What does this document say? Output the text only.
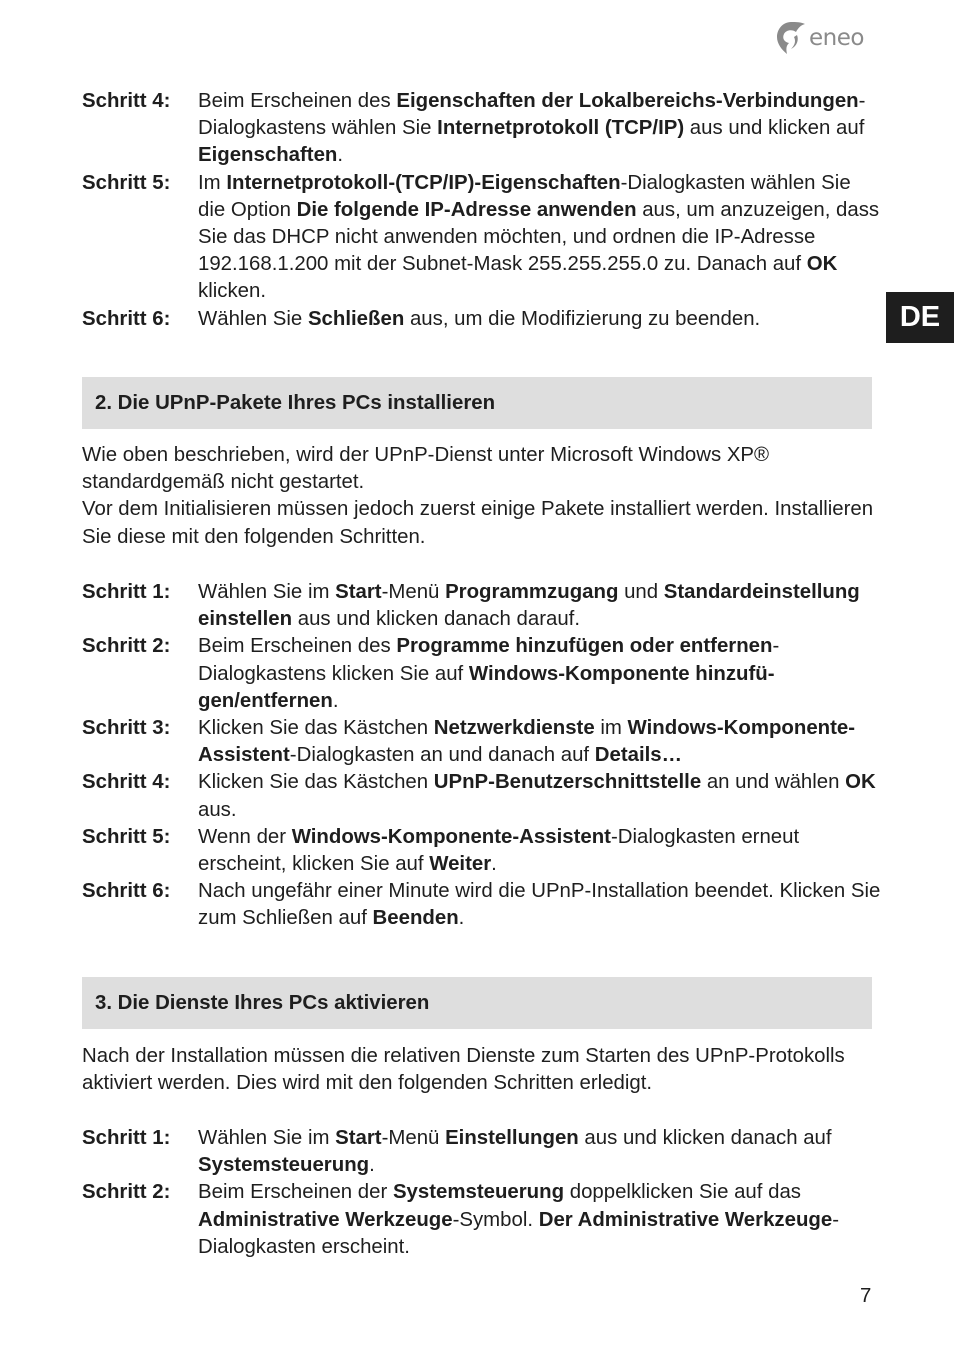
eneo
DE
Schritt 4:	Beim Erscheinen des Eigenschaften der Lokalbereichs-Verbindungen-Dialogkastens wählen Sie Internetprotokoll (TCP/IP) aus und klicken auf Eigenschaften.
Schritt 5:	Im Internetprotokoll-(TCP/IP)-Eigenschaften-Dialogkasten wählen Sie die Option Die folgende IP-Adresse anwenden aus, um anzuzeigen, dass Sie das DHCP nicht anwenden möchten, und ordnen die IP-Adresse 192.168.1.200 mit der Subnet-Mask 255.255.255.0 zu. Danach auf OK klicken.
Schritt 6:	Wählen Sie Schließen aus, um die Modifizierung zu beenden.
2. Die UPnP-Pakete Ihres PCs installieren

Wie oben beschrieben, wird der UPnP-Dienst unter Microsoft Windows XP® standardgemäß nicht gestartet.
Vor dem Initialisieren müssen jedoch zuerst einige Pakete installiert werden. Installieren Sie diese mit den folgenden Schritten.

Schritt 1:	Wählen Sie im Start-Menü Programmzugang und Standardeinstellung einstellen aus und klicken danach darauf.
Schritt 2:	Beim Erscheinen des Programme hinzufügen oder entfernen-Dialogkastens klicken Sie auf Windows-Komponente hinzufügen/entfernen.
Schritt 3:	Klicken Sie das Kästchen Netzwerkdienste im Windows-Komponente-Assistent-Dialogkasten an und danach auf Details…
Schritt 4:	Klicken Sie das Kästchen UPnP-Benutzerschnittstelle an und wählen OK aus.
Schritt 5:	Wenn der Windows-Komponente-Assistent-Dialogkasten erneut erscheint, klicken Sie auf Weiter.
Schritt 6:	Nach ungefähr einer Minute wird die UPnP-Installation beendet. Klicken Sie zum Schließen auf Beenden.
3. Die Dienste Ihres PCs aktivieren

Nach der Installation müssen die relativen Dienste zum Starten des UPnP-Protokolls aktiviert werden. Dies wird mit den folgenden Schritten erledigt.

Schritt 1:	Wählen Sie im Start-Menü Einstellungen aus und klicken danach auf Systemsteuerung.
Schritt 2:	Beim Erscheinen der Systemsteuerung doppelklicken Sie auf das Administrative Werkzeuge-Symbol. Der Administrative Werkzeuge-Dialogkasten erscheint.
7
